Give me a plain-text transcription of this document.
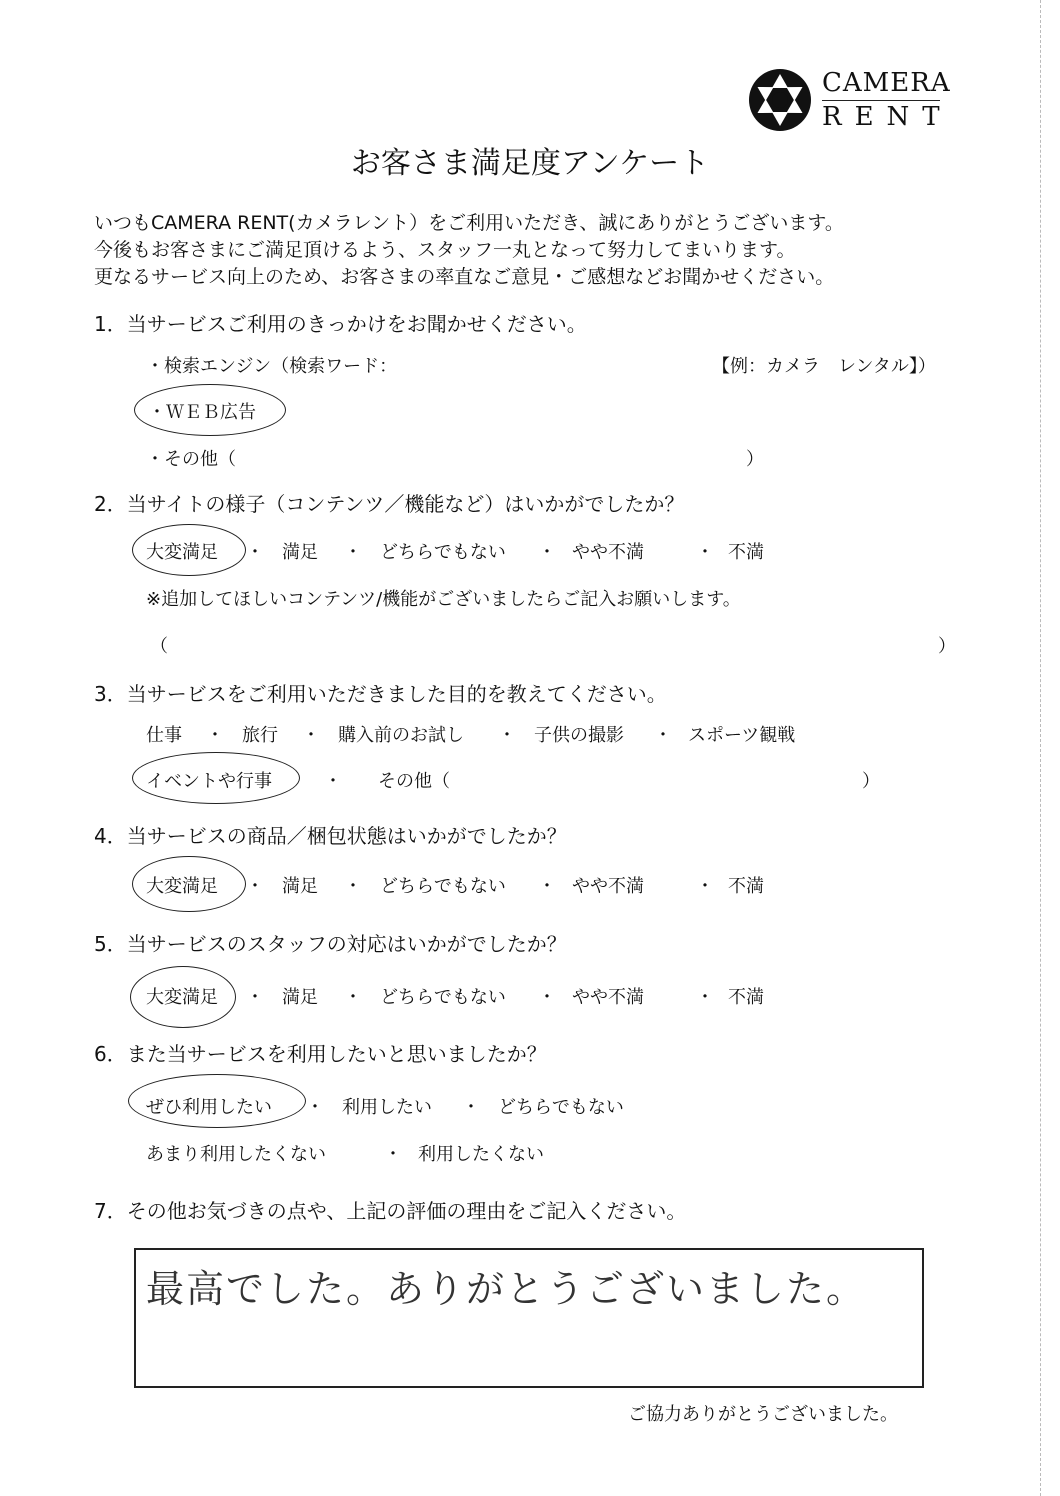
CAMERA
RENT
お客さま満足度アンケート
いつもCAMERA RENT(カメラレント）をご利用いただき、誠にありがとうございます。
今後もお客さまにご満足頂けるよう、スタッフ一丸となって努力してまいります。
更なるサービス向上のため、お客さまの率直なご意見・ご感想などお聞かせください。
1．当サービスご利用のきっかけをお聞かせください。
・検索エンジン（検索ワード：	【例：カメラ　レンタル】）
・ＷＥＢ広告
・その他（	）
2．当サイトの様子（コンテンツ／機能など）はいかがでしたか？
大変満足 ・ 満足 ・ どちらでもない ・ やや不満	・ 不満
※追加してほしいコンテンツ/機能がございましたらご記入お願いします。
（	）
3．当サービスをご利用いただきました目的を教えてください。
仕事 ・ 旅行 ・ 購入前のお試し ・ 子供の撮影 ・ スポーツ観戦
イベントや行事	・ その他（	）
4．当サービスの商品／梱包状態はいかがでしたか？
大変満足 ・ 満足 ・ どちらでもない ・ やや不満	・ 不満
5．当サービスのスタッフの対応はいかがでしたか？
大変満足 ・ 満足 ・ どちらでもない ・ やや不満	・ 不満
6．また当サービスを利用したいと思いましたか？
ぜひ利用したい ・ 利用したい ・ どちらでもない
あまり利用したくない	・ 利用したくない
7．その他お気づきの点や、上記の評価の理由をご記入ください。
最高でした。ありがとうございました。
ご協力ありがとうございました。
